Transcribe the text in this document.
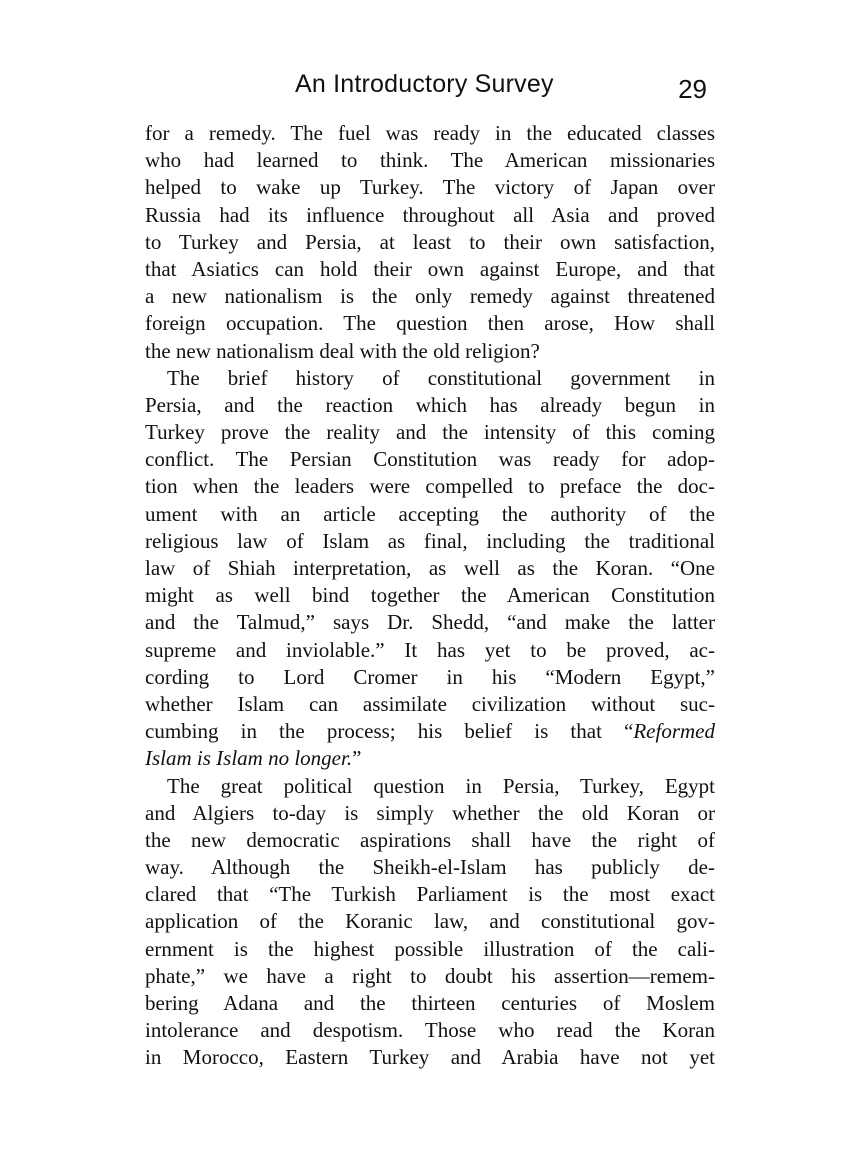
An Introductory Survey	29
for a remedy. The fuel was ready in the educated classes
who had learned to think. The American missionaries
helped to wake up Turkey. The victory of Japan over
Russia had its influence throughout all Asia and proved
to Turkey and Persia, at least to their own satisfaction,
that Asiatics can hold their own against Europe, and that
a new nationalism is the only remedy against threatened
foreign occupation. The question then arose, How shall
the new nationalism deal with the old religion?
The brief history of constitutional government in
Persia, and the reaction which has already begun in
Turkey prove the reality and the intensity of this coming
conflict. The Persian Constitution was ready for adop-
tion when the leaders were compelled to preface the doc-
ument with an article accepting the authority of the
religious law of Islam as final, including the traditional
law of Shiah interpretation, as well as the Koran. “One
might as well bind together the American Constitution
and the Talmud,” says Dr. Shedd, “and make the latter
supreme and inviolable.” It has yet to be proved, ac-
cording to Lord Cromer in his “Modern Egypt,”
whether Islam can assimilate civilization without suc-
cumbing in the process; his belief is that “Reformed
Islam is Islam no longer.”
The great political question in Persia, Turkey, Egypt
and Algiers to-day is simply whether the old Koran or
the new democratic aspirations shall have the right of
way. Although the Sheikh-el-Islam has publicly de-
clared that “The Turkish Parliament is the most exact
application of the Koranic law, and constitutional gov-
ernment is the highest possible illustration of the cali-
phate,” we have a right to doubt his assertion—remem-
bering Adana and the thirteen centuries of Moslem
intolerance and despotism. Those who read the Koran
in Morocco, Eastern Turkey and Arabia have not yet
